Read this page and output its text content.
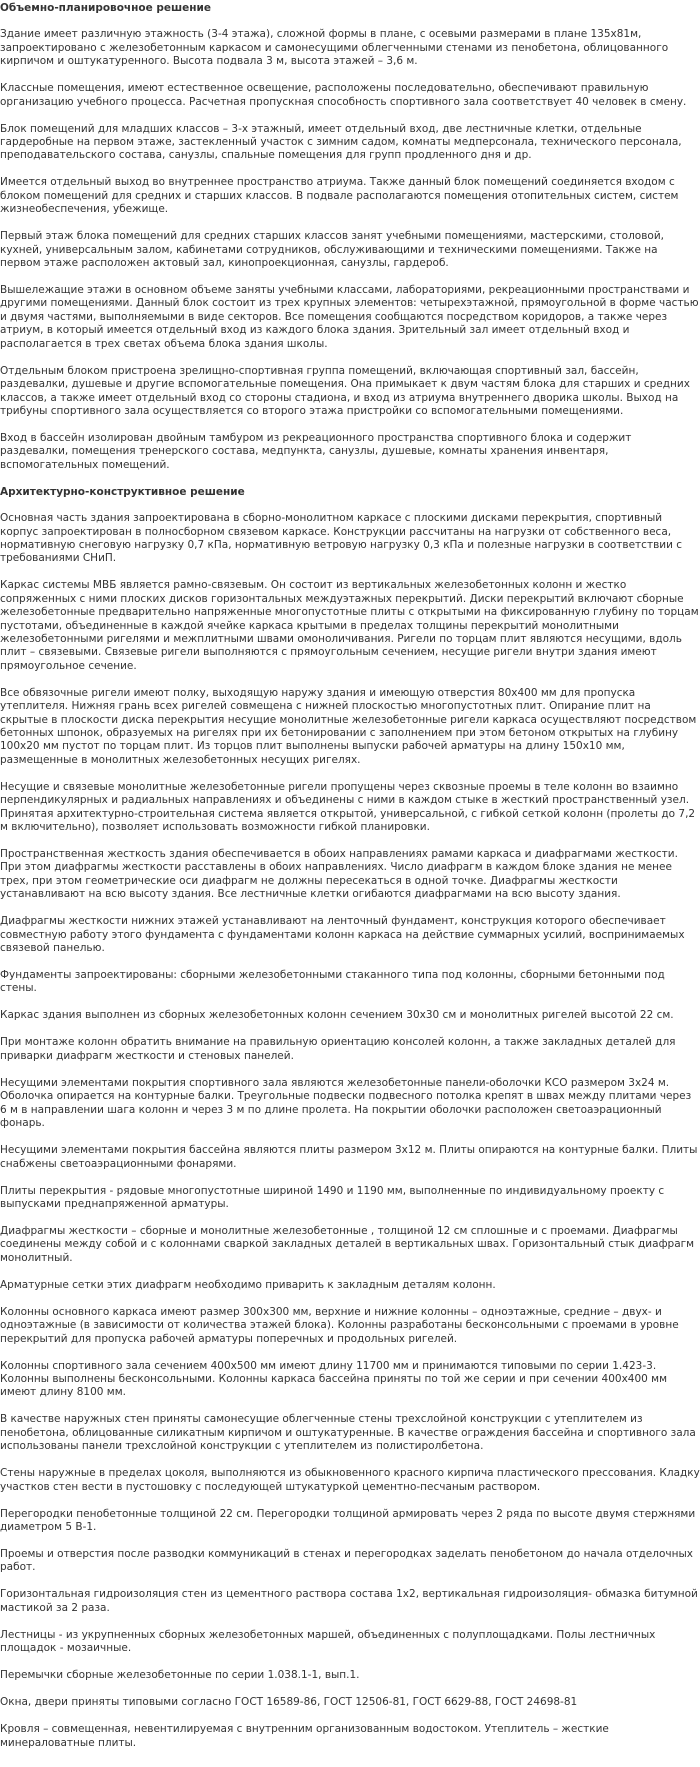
Объемно-планировочное решение

Здание имеет различную этажность (3-4 этажа), сложной формы в плане, с осевыми размерами в плане 135х81м, запроектировано с железобетонным каркасом и самонесущими облегченными стенами из пенобетона, облицованного кирпичом и оштукатуренного. Высота подвала 3 м, высота этажей – 3,6 м.

Классные помещения, имеют естественное освещение, расположены последовательно, обеспечивают правильную организацию учебного процесса. Расчетная пропускная способность спортивного зала соответствует 40 человек в смену.

Блок помещений для младших классов – 3-х этажный, имеет отдельный вход, две лестничные клетки, отдельные гардеробные на первом этаже, застекленный участок с зимним садом, комнаты медперсонала, технического персонала, преподавательского состава, санузлы, спальные помещения для групп продленного дня и др.

Имеется отдельный выход во внутреннее пространство атриума. Также данный блок помещений соединяется входом с блоком помещений для средних и старших классов. В подвале располагаются помещения отопительных систем, систем жизнеобеспечения, убежище.

Первый этаж блока помещений для средних старших классов занят учебными помещениями, мастерскими, столовой, кухней, универсальным залом, кабинетами сотрудников, обслуживающими и техническими помещениями. Также на первом этаже расположен актовый зал, кинопроекционная, санузлы, гардероб.

Вышележащие этажи в основном объеме заняты учебными классами, лабораториями, рекреационными пространствами и другими помещениями. Данный блок состоит из трех крупных элементов: четырехэтажной, прямоугольной в форме частью и двумя частями, выполняемыми в виде секторов. Все помещения сообщаются посредством коридоров, а также через атриум, в который имеется отдельный вход из каждого блока здания. Зрительный зал имеет отдельный вход и располагается в трех светах объема блока здания школы.

Отдельным блоком пристроена зрелищно-спортивная группа помещений, включающая спортивный зал, бассейн, раздевалки, душевые и другие вспомогательные помещения. Она примыкает к двум частям блока для старших и средних классов, а также имеет отдельный вход со стороны стадиона, и вход из атриума внутреннего дворика школы. Выход на трибуны спортивного зала осуществляется со второго этажа пристройки со вспомогательными помещениями.

Вход в бассейн изолирован двойным тамбуром из рекреационного пространства спортивного блока и содержит раздевалки, помещения тренерского состава, медпункта, санузлы, душевые, комнаты хранения инвентаря, вспомогательных помещений.

Архитектурно-конструктивное решение

Основная часть здания запроектирована в сборно-монолитном каркасе с плоскими дисками перекрытия, спортивный корпус запроектирован в полносборном связевом каркасе. Конструкции рассчитаны на нагрузки от собственного веса, нормативную снеговую нагрузку 0,7 кПа, нормативную ветровую нагрузку 0,3 кПа и полезные нагрузки в соответствии с требованиями СНиП.

Каркас системы МВБ является рамно-связевым. Он состоит из вертикальных железобетонных колонн и жестко сопряженных с ними плоских дисков горизонтальных междуэтажных перекрытий. Диски перекрытий включают сборные железобетонные предварительно напряженные многопустотные плиты с открытыми на фиксированную глубину по торцам пустотами, объединенные в каждой ячейке каркаса крытыми в пределах толщины перекрытий монолитными железобетонными ригелями и межплитными швами омоноличивания. Ригели по торцам плит являются несущими, вдоль плит – связевыми. Связевые ригели выполняются с прямоугольным сечением, несущие ригели внутри здания имеют прямоугольное сечение.

Все обвязочные ригели имеют полку, выходящую наружу здания и имеющую отверстия 80х400 мм для пропуска утеплителя. Нижняя грань всех ригелей совмещена с нижней плоскостью многопустотных плит. Опирание плит на скрытые в плоскости диска перекрытия несущие монолитные железобетонные ригели каркаса осуществляют посредством бетонных шпонок, образуемых на ригелях при их бетонировании с заполнением при этом бетоном открытых на глубину 100х20 мм пустот по торцам плит. Из торцов плит выполнены выпуски рабочей арматуры на длину 150х10 мм, размещенные в монолитных железобетонных несущих ригелях.

Несущие и связевые монолитные железобетонные ригели пропущены через сквозные проемы в теле колонн во взаимно перпендикулярных и радиальных направлениях и объединены с ними в каждом стыке в жесткий пространственный узел. Принятая архитектурно-строительная система является открытой, универсальной, с гибкой сеткой колонн (пролеты до 7,2 м включительно), позволяет использовать возможности гибкой планировки.

Пространственная жесткость здания обеспечивается в обоих направлениях рамами каркаса и диафрагмами жесткости. При этом диафрагмы жесткости расставлены в обоих направлениях. Число диафрагм в каждом блоке здания не менее трех, при этом геометрические оси диафрагм не должны пересекаться в одной точке. Диафрагмы жесткости устанавливают на всю высоту здания. Все лестничные клетки огибаются диафрагмами на всю высоту здания.

Диафрагмы жесткости нижних этажей устанавливают на ленточный фундамент, конструкция которого обеспечивает совместную работу этого фундамента с фундаментами колонн каркаса на действие суммарных усилий, воспринимаемых связевой панелью.

Фундаменты запроектированы: сборными железобетонными стаканного типа под колонны, сборными бетонными под стены.

Каркас здания выполнен из сборных железобетонных колонн сечением 30х30 см и монолитных ригелей высотой 22 см.

При монтаже колонн обратить внимание на правильную ориентацию консолей колонн, а также закладных деталей для приварки диафрагм жесткости и стеновых панелей.

Несущими элементами покрытия спортивного зала являются железобетонные панели-оболочки КСО размером 3х24 м. Оболочка опирается на контурные балки. Треугольные подвески подвесного потолка крепят в швах между плитами через 6 м в направлении шага колонн и через 3 м по длине пролета. На покрытии оболочки расположен светоаэрационный фонарь.

Несущими элементами покрытия бассейна являются плиты размером 3х12 м. Плиты опираются на контурные балки. Плиты снабжены светоаэрационными фонарями.

Плиты перекрытия - рядовые многопустотные шириной 1490 и 1190 мм, выполненные по индивидуальному проекту с выпусками преднапряженной арматуры.

Диафрагмы жесткости – сборные и монолитные железобетонные , толщиной 12 см сплошные и с проемами. Диафрагмы соединены между собой и с колоннами сваркой закладных деталей в вертикальных швах. Горизонтальный стык диафрагм монолитный.

Арматурные сетки этих диафрагм необходимо приварить к закладным деталям колонн.

Колонны основного каркаса имеют размер 300х300 мм, верхние и нижние колонны – одноэтажные, средние – двух- и одноэтажные (в зависимости от количества этажей блока). Колонны разработаны бесконсольными с проемами в уровне перекрытий для пропуска рабочей арматуры поперечных и продольных ригелей.

Колонны спортивного зала сечением 400х500 мм имеют длину 11700 мм и принимаются типовыми по серии 1.423-3. Колонны выполнены бесконсольными. Колонны каркаса бассейна приняты по той же серии и при сечении 400х400 мм имеют длину 8100 мм.

В качестве наружных стен приняты самонесущие облегченные стены трехслойной конструкции с утеплителем из пенобетона, облицованные силикатным кирпичом и оштукатуренные. В качестве ограждения бассейна и спортивного зала использованы панели трехслойной конструкции с утеплителем из полистиролбетона.

Стены наружные в пределах цоколя, выполняются из обыкновенного красного кирпича пластического прессования. Кладку участков стен вести в пустошовку с последующей штукатуркой цементно-песчаным раствором.

Перегородки пенобетонные толщиной 22 см. Перегородки толщиной армировать через 2 ряда по высоте двумя стержнями диаметром 5 В-1.

Проемы и отверстия после разводки коммуникаций в стенах и перегородках заделать пенобетоном до начала отделочных работ.

Горизонтальная гидроизоляция стен из цементного раствора состава 1х2, вертикальная гидроизоляция- обмазка битумной мастикой за 2 раза.

Лестницы - из укрупненных сборных железобетонных маршей, объединенных с полуплощадками. Полы лестничных площадок - мозаичные.

Перемычки сборные железобетонные по серии 1.038.1-1, вып.1.

Окна, двери приняты типовыми согласно ГОСТ 16589-86, ГОСТ 12506-81, ГОСТ 6629-88, ГОСТ 24698-81

Кровля – совмещенная, невентилируемая с внутренним организованным водостоком. Утеплитель – жесткие минераловатные плиты.
